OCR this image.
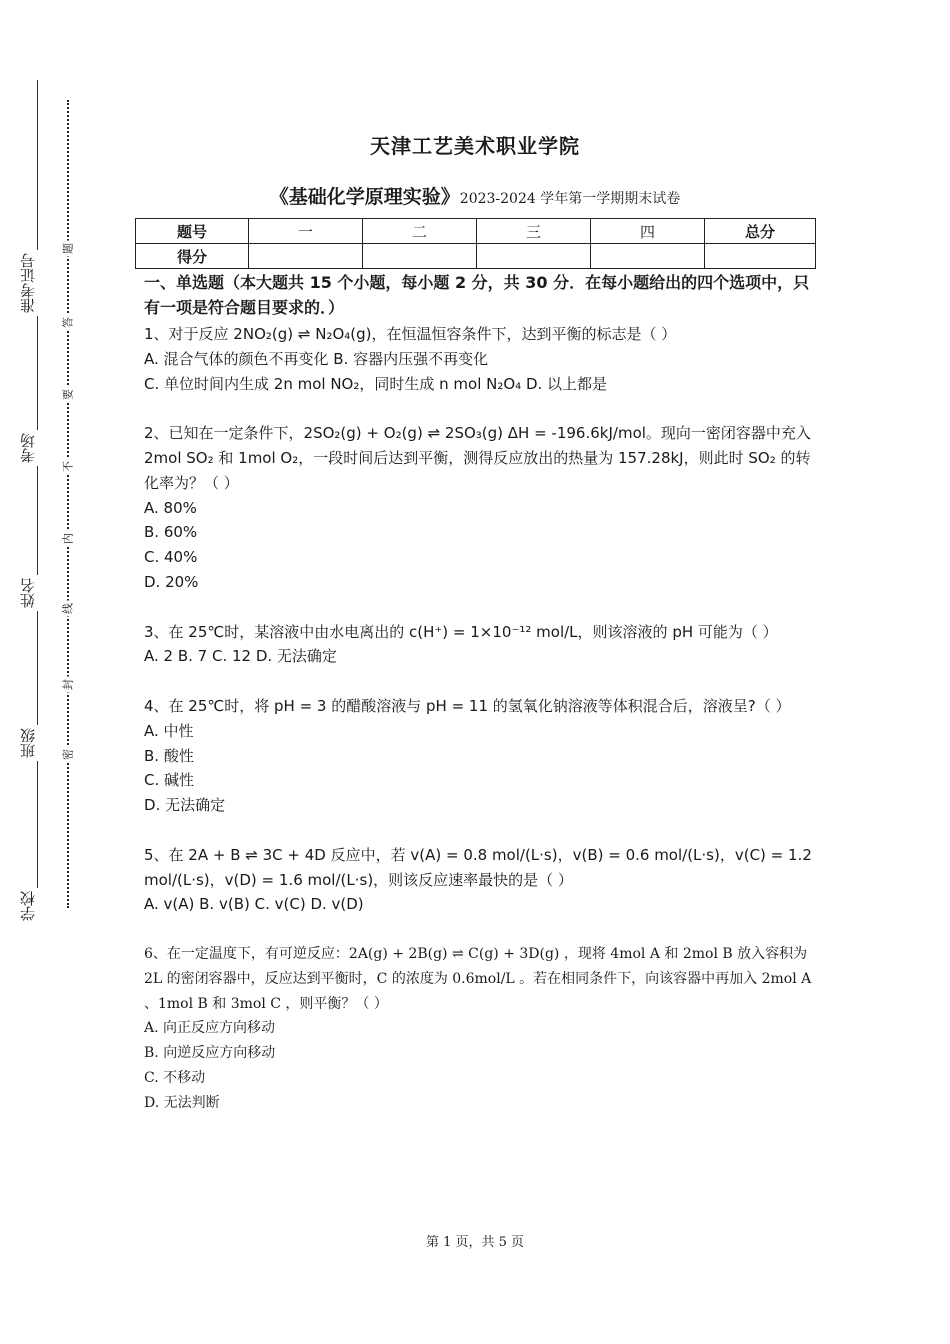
准考证号
考场
姓名
班级
学校
题
答
要
不
内
线
封
密
天津工艺美术职业学院
《基础化学原理实验》2023-2024 学年第一学期期末试卷
题号	一	二	三	四	总分
得分					
一、单选题（本大题共 15 个小题，每小题 2 分，共 30 分．在每小题给出的四个选项中，只有一项是符合题目要求的．）

1、对于反应 2NO₂(g) ⇌ N₂O₄(g)，在恒温恒容条件下，达到平衡的标志是（ ）

A. 混合气体的颜色不再变化 B. 容器内压强不再变化

C. 单位时间内生成 2n mol NO₂，同时生成 n mol N₂O₄ D. 以上都是

2、已知在一定条件下，2SO₂(g) + O₂(g) ⇌ 2SO₃(g) ΔH = -196.6kJ/mol。现向一密闭容器中充入 2mol SO₂ 和 1mol O₂，一段时间后达到平衡，测得反应放出的热量为 157.28kJ，则此时 SO₂ 的转化率为？（ ）

A. 80%

B. 60%

C. 40%

D. 20%

3、在 25℃时，某溶液中由水电离出的 c(H⁺) = 1×10⁻¹² mol/L，则该溶液的 pH 可能为（ ）

A. 2 B. 7 C. 12 D. 无法确定

4、在 25℃时，将 pH = 3 的醋酸溶液与 pH = 11 的氢氧化钠溶液等体积混合后，溶液呈?（ ）

A. 中性

B. 酸性

C. 碱性

D. 无法确定

5、在 2A + B ⇌ 3C + 4D 反应中，若 v(A) = 0.8 mol/(L·s)，v(B) = 0.6 mol/(L·s)，v(C) = 1.2 mol/(L·s)，v(D) = 1.6 mol/(L·s)，则该反应速率最快的是（ ）

A. v(A) B. v(B) C. v(C) D. v(D)

6、在一定温度下，有可逆反应：2A(g) + 2B(g) ⇌ C(g) + 3D(g) ，现将 4mol A 和 2mol B 放入容积为 2L 的密闭容器中，反应达到平衡时，C 的浓度为 0.6mol/L 。若在相同条件下，向该容器中再加入 2mol A 、1mol B 和 3mol C ，则平衡？（ ）

A. 向正反应方向移动

B. 向逆反应方向移动

C. 不移动

D. 无法判断

第 1 页，共 5 页
